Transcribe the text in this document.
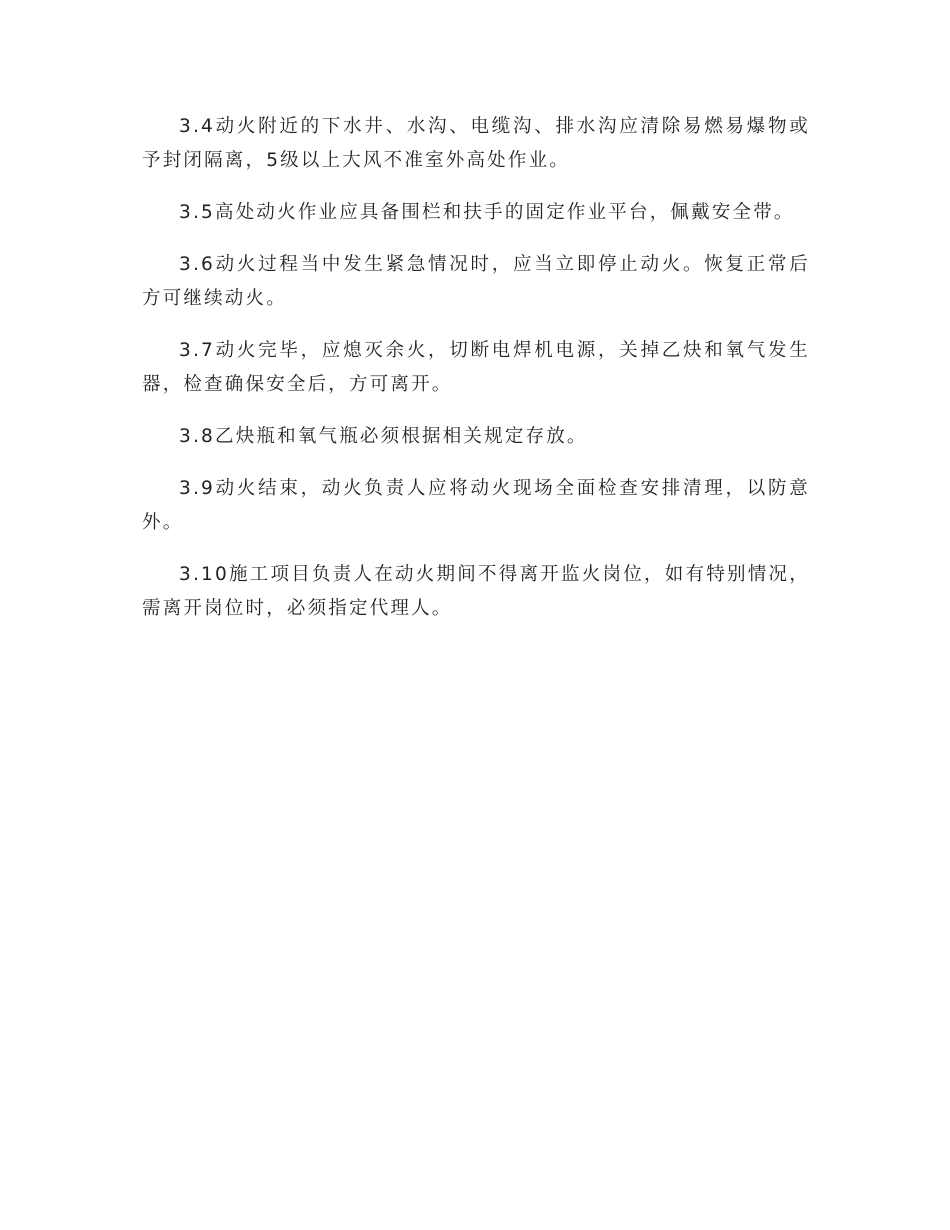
3.4动火附近的下水井、水沟、电缆沟、排水沟应清除易燃易爆物或予封闭隔离，5级以上大风不准室外高处作业。

3.5高处动火作业应具备围栏和扶手的固定作业平台，佩戴安全带。

3.6动火过程当中发生紧急情况时，应当立即停止动火。恢复正常后方可继续动火。

3.7动火完毕，应熄灭余火，切断电焊机电源，关掉乙炔和氧气发生器，检查确保安全后，方可离开。

3.8乙炔瓶和氧气瓶必须根据相关规定存放。

3.9动火结束，动火负责人应将动火现场全面检查安排清理，以防意外。

3.10施工项目负责人在动火期间不得离开监火岗位，如有特别情况，需离开岗位时，必须指定代理人。
